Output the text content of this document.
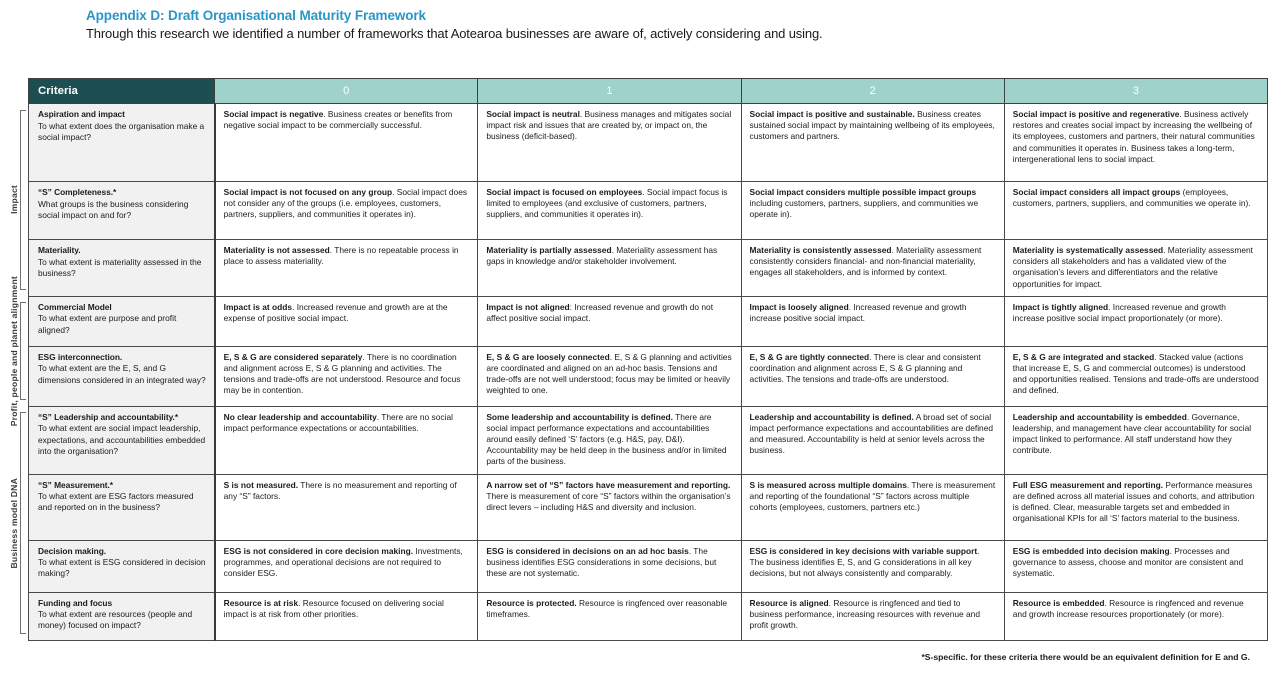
Appendix D: Draft Organisational Maturity Framework

Through this research we identified a number of frameworks that Aotearoa businesses are aware of, actively considering and using.

Impact
Profit, people and planet alignment
Business model DNA
Criteria	0	1	2	3

Aspiration and impact
To what extent does the organisation make a social impact?	Social impact is negative. Business creates or benefits from negative social impact to be commercially successful.	Social impact is neutral. Business manages and mitigates social impact risk and issues that are created by, or impact on, the business (deficit-based).	Social impact is positive and sustainable. Business creates sustained social impact by maintaining wellbeing of its employees, customers and partners.	Social impact is positive and regenerative. Business actively restores and creates social impact by increasing the wellbeing of its employees, customers and partners, their natural communities and communities it operates in. Business takes a long-term, intergenerational lens to social impact.

“S” Completeness.*
What groups is the business considering social impact on and for?	Social impact is not focused on any group. Social impact does not consider any of the groups (i.e. employees, customers, partners, suppliers, and communities it operates in).	Social impact is focused on employees. Social impact focus is limited to employees (and exclusive of customers, partners, suppliers, and communities it operates in).	Social impact considers multiple possible impact groups including customers, partners, suppliers, and communities we operate in).	Social impact considers all impact groups (employees, customers, partners, suppliers, and communities we operate in).

Materiality.
To what extent is materiality assessed in the business?	Materiality is not assessed. There is no repeatable process in place to assess materiality.	Materiality is partially assessed. Materiality assessment has gaps in knowledge and/or stakeholder involvement.	Materiality is consistently assessed. Materiality assessment consistently considers financial- and non-financial materiality, engages all stakeholders, and is informed by context.	Materiality is systematically assessed. Materiality assessment considers all stakeholders and has a validated view of the organisation’s levers and differentiators and the relative opportunities for impact.

Commercial Model
To what extent are purpose and profit aligned?	Impact is at odds. Increased revenue and growth are at the expense of positive social impact.	Impact is not aligned: Increased revenue and growth do not affect positive social impact.	Impact is loosely aligned. Increased revenue and growth increase positive social impact.	Impact is tightly aligned. Increased revenue and growth increase positive social impact proportionately (or more).

ESG interconnection.
To what extent are the E, S, and G dimensions considered in an integrated way?
	E, S & G are considered separately. There is no coordination and alignment across E, S & G planning and activities. The tensions and trade-offs are not understood. Resource and focus may be in contention.	E, S & G are loosely connected. E, S & G planning and activities are coordinated and aligned on an ad-hoc basis. Tensions and trade-offs are not well understood; focus may be limited or heavily weighted to one.	E, S & G are tightly connected. There is clear and consistent coordination and alignment across E, S & G planning and activities. The tensions and trade-offs are understood.	E, S & G are integrated and stacked. Stacked value (actions that increase E, S, G and commercial outcomes) is understood and opportunities realised. Tensions and trade-offs are understood and defined.

“S” Leadership and accountability.*
To what extent are social impact leadership, expectations, and accountabilities embedded into the organisation?
	No clear leadership and accountability. There are no social impact performance expectations or accountabilities.	Some leadership and accountability is defined. There are social impact performance expectations and accountabilities around easily defined ‘S’ factors (e.g. H&S, pay, D&I). Accountability may be held deep in the business and/or in limited parts of the business.	Leadership and accountability is defined. A broad set of social impact performance expectations and accountabilities are defined and measured. Accountability is held at senior levels across the business.	Leadership and accountability is embedded. Governance, leadership, and management have clear accountability for social impact linked to performance. All staff understand how they contribute.

“S” Measurement.*
To what extent are ESG factors measured and reported on in the business?	S is not measured. There is no measurement and reporting of any “S” factors.	A narrow set of “S” factors have measurement and reporting. There is measurement of core “S” factors within the organisation’s direct levers – including H&S and diversity and inclusion.	S is measured across multiple domains. There is measurement and reporting of the foundational “S” factors across multiple cohorts (employees, customers, partners etc.)	Full ESG measurement and reporting. Performance measures are defined across all material issues and cohorts, and attribution is defined. Clear, measurable targets set and embedded in organisational KPIs for all ‘S’ factors material to the business.

Decision making.
To what extent is ESG considered in decision making?	ESG is not considered in core decision making. Investments, programmes, and operational decisions are not required to consider ESG.	ESG is considered in decisions on an ad hoc basis. The business identifies ESG considerations in some decisions, but these are not systematic.	ESG is considered in key decisions with variable support. The business identifies E, S, and G considerations in all key decisions, but not always consistently and comparably.	ESG is embedded into decision making. Processes and governance to assess, choose and monitor are consistent and systematic.

Funding and focus
To what extent are resources (people and money) focused on impact?	Resource is at risk. Resource focused on delivering social impact is at risk from other priorities.	Resource is protected. Resource is ringfenced over reasonable timeframes.	Resource is aligned. Resource is ringfenced and tied to business performance, increasing resources with revenue and profit growth.	Resource is embedded. Resource is ringfenced and revenue and growth increase resources proportionately (or more).
*S-specific. for these criteria there would be an equivalent definition for E and G.
